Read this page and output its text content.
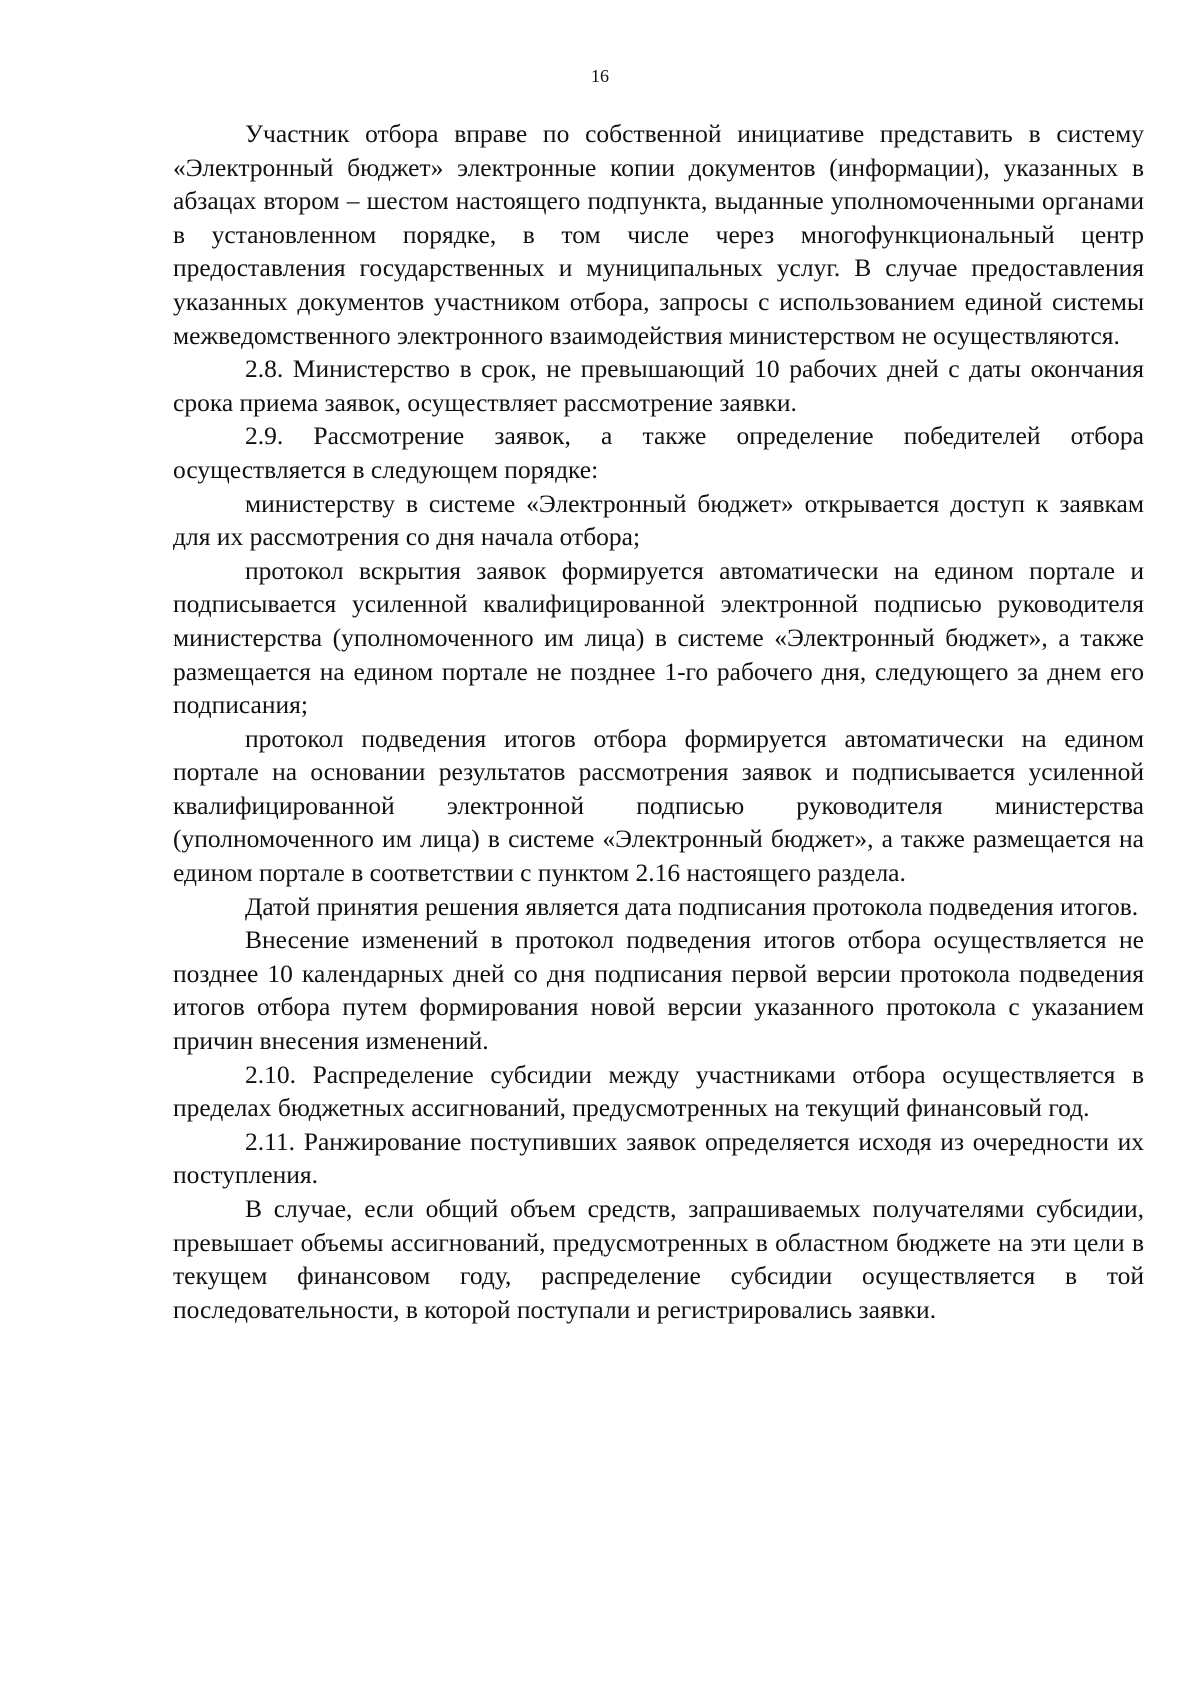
16

Участник отбора вправе по собственной инициативе представить в систему «Электронный бюджет» электронные копии документов (информации), указанных в абзацах втором – шестом настоящего подпункта, выданные уполномоченными органами в установленном порядке, в том числе через многофункциональный центр предоставления государственных и муниципальных услуг. В случае предоставления указанных документов участником отбора, запросы с использованием единой системы межведомственного электронного взаимодействия министерством не осуществляются.

2.8. Министерство в срок, не превышающий 10 рабочих дней с даты окончания срока приема заявок, осуществляет рассмотрение заявки.

2.9. Рассмотрение заявок, а также определение победителей отбора осуществляется в следующем порядке:

министерству в системе «Электронный бюджет» открывается доступ к заявкам для их рассмотрения со дня начала отбора;

протокол вскрытия заявок формируется автоматически на едином портале и подписывается усиленной квалифицированной электронной подписью руководителя министерства (уполномоченного им лица) в системе «Электронный бюджет», а также размещается на едином портале не позднее 1-го рабочего дня, следующего за днем его подписания;

протокол подведения итогов отбора формируется автоматически на едином портале на основании результатов рассмотрения заявок и подписывается усиленной квалифицированной электронной подписью руководителя министерства (уполномоченного им лица) в системе «Электронный бюджет», а также размещается на едином портале в соответствии с пунктом 2.16 настоящего раздела.

Датой принятия решения является дата подписания протокола подведения итогов.

Внесение изменений в протокол подведения итогов отбора осуществляется не позднее 10 календарных дней со дня подписания первой версии протокола подведения итогов отбора путем формирования новой версии указанного протокола с указанием причин внесения изменений.

2.10. Распределение субсидии между участниками отбора осуществляется в пределах бюджетных ассигнований, предусмотренных на текущий финансовый год.

2.11. Ранжирование поступивших заявок определяется исходя из очередности их поступления.

В случае, если общий объем средств, запрашиваемых получателями субсидии, превышает объемы ассигнований, предусмотренных в областном бюджете на эти цели в текущем финансовом году, распределение субсидии осуществляется в той последовательности, в которой поступали и регистрировались заявки.
